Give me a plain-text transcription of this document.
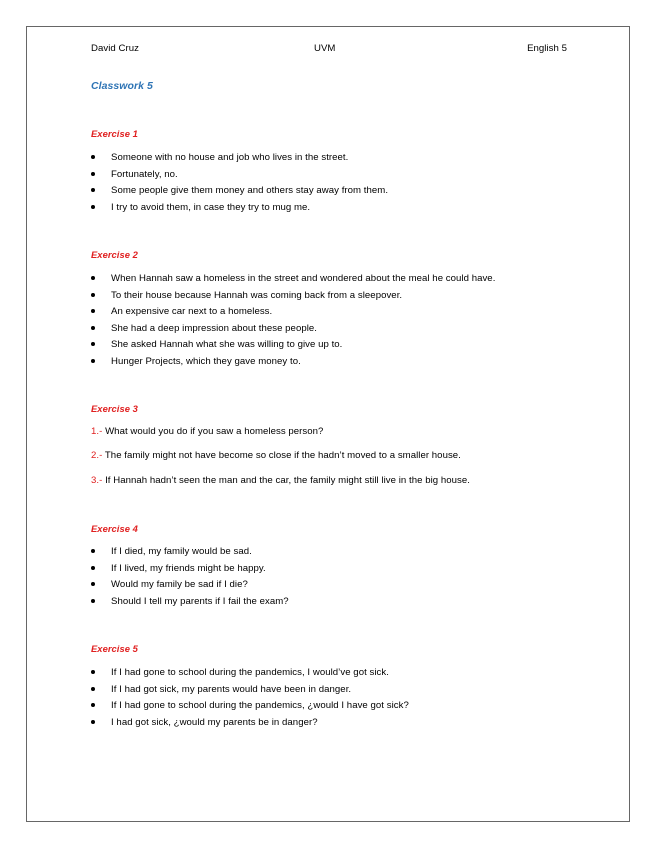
David Cruz	UVM	English 5
Classwork 5
Exercise 1
Someone with no house and job who lives in the street.
Fortunately, no.
Some people give them money and others stay away from them.
I try to avoid them, in case they try to mug me.
Exercise 2
When Hannah saw a homeless in the street and wondered about the meal he could have.
To their house because Hannah was coming back from a sleepover.
An expensive car next to a homeless.
She had a deep impression about these people.
She asked Hannah what she was willing to give up to.
Hunger Projects, which they gave money to.
Exercise 3
1.- What would you do if you saw a homeless person?
2.- The family might not have become so close if the hadn’t moved to a smaller house.
3.- If Hannah hadn’t seen the man and the car, the family might still live in the big house.
Exercise 4
If I died, my family would be sad.
If I lived, my friends might be happy.
Would my family be sad if I die?
Should I tell my parents if I fail the exam?
Exercise 5
If I had gone to school during the pandemics, I would’ve got sick.
If I had got sick, my parents would have been in danger.
If I had gone to school during the pandemics, ¿would I have got sick?
I had got sick, ¿would my parents be in danger?
